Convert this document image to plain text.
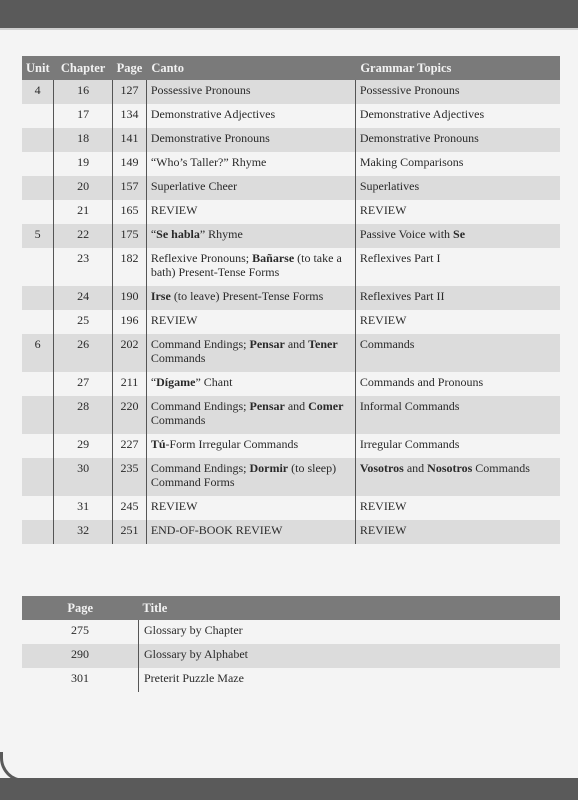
Unit	Chapter	Page	Canto	Grammar Topics
4	16	127	Possessive Pronouns	Possessive Pronouns
	17	134	Demonstrative Adjectives	Demonstrative Adjectives
	18	141	Demonstrative Pronouns	Demonstrative Pronouns
	19	149	“Who’s Taller?” Rhyme	Making Comparisons
	20	157	Superlative Cheer	Superlatives
	21	165	REVIEW	REVIEW
5	22	175	“Se habla” Rhyme	Passive Voice with Se
	23	182	Reflexive Pronouns; Bañarse (to take a bath) Present-Tense Forms	Reflexives Part I
	24	190	Irse (to leave) Present-Tense Forms	Reflexives Part II
	25	196	REVIEW	REVIEW
6	26	202	Command Endings; Pensar and Tener Commands	Commands
	27	211	“Dígame” Chant	Commands and Pronouns
	28	220	Command Endings; Pensar and Comer Commands	Informal Commands
	29	227	Tú-Form Irregular Commands	Irregular Commands
	30	235	Command Endings; Dormir (to sleep) Command Forms	Vosotros and Nosotros Commands
	31	245	REVIEW	REVIEW
	32	251	END-OF-BOOK REVIEW	REVIEW
Page	Title
275	Glossary by Chapter
290	Glossary by Alphabet
301	Preterit Puzzle Maze
